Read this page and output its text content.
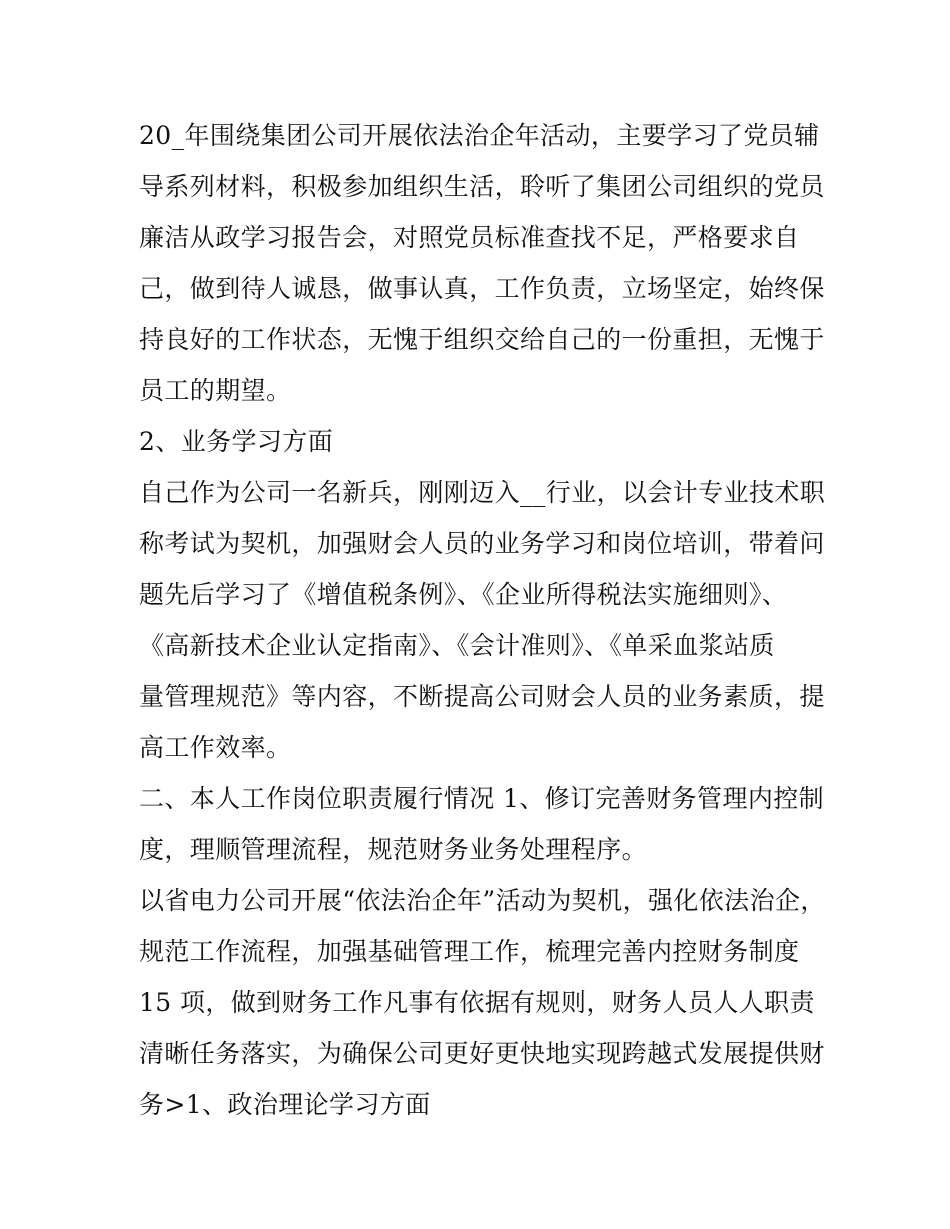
20_年围绕集团公司开展依法治企年活动，主要学习了党员辅
导系列材料，积极参加组织生活，聆听了集团公司组织的党员
廉洁从政学习报告会，对照党员标准查找不足，严格要求自
己，做到待人诚恳，做事认真，工作负责，立场坚定，始终保
持良好的工作状态，无愧于组织交给自己的一份重担，无愧于
员工的期望。
2、业务学习方面
自己作为公司一名新兵，刚刚迈入__行业，以会计专业技术职
称考试为契机，加强财会人员的业务学习和岗位培训，带着问
题先后学习了《增值税条例》、《企业所得税法实施细则》、
《高新技术企业认定指南》、《会计准则》、《单采血浆站质
量管理规范》等内容，不断提高公司财会人员的业务素质，提
高工作效率。
二、本人工作岗位职责履行情况 1、修订完善财务管理内控制
度，理顺管理流程，规范财务业务处理程序。
以省电力公司开展“依法治企年”活动为契机，强化依法治企，
规范工作流程，加强基础管理工作，梳理完善内控财务制度
15 项，做到财务工作凡事有依据有规则，财务人员人人职责
清晰任务落实，为确保公司更好更快地实现跨越式发展提供财
务>1、政治理论学习方面
